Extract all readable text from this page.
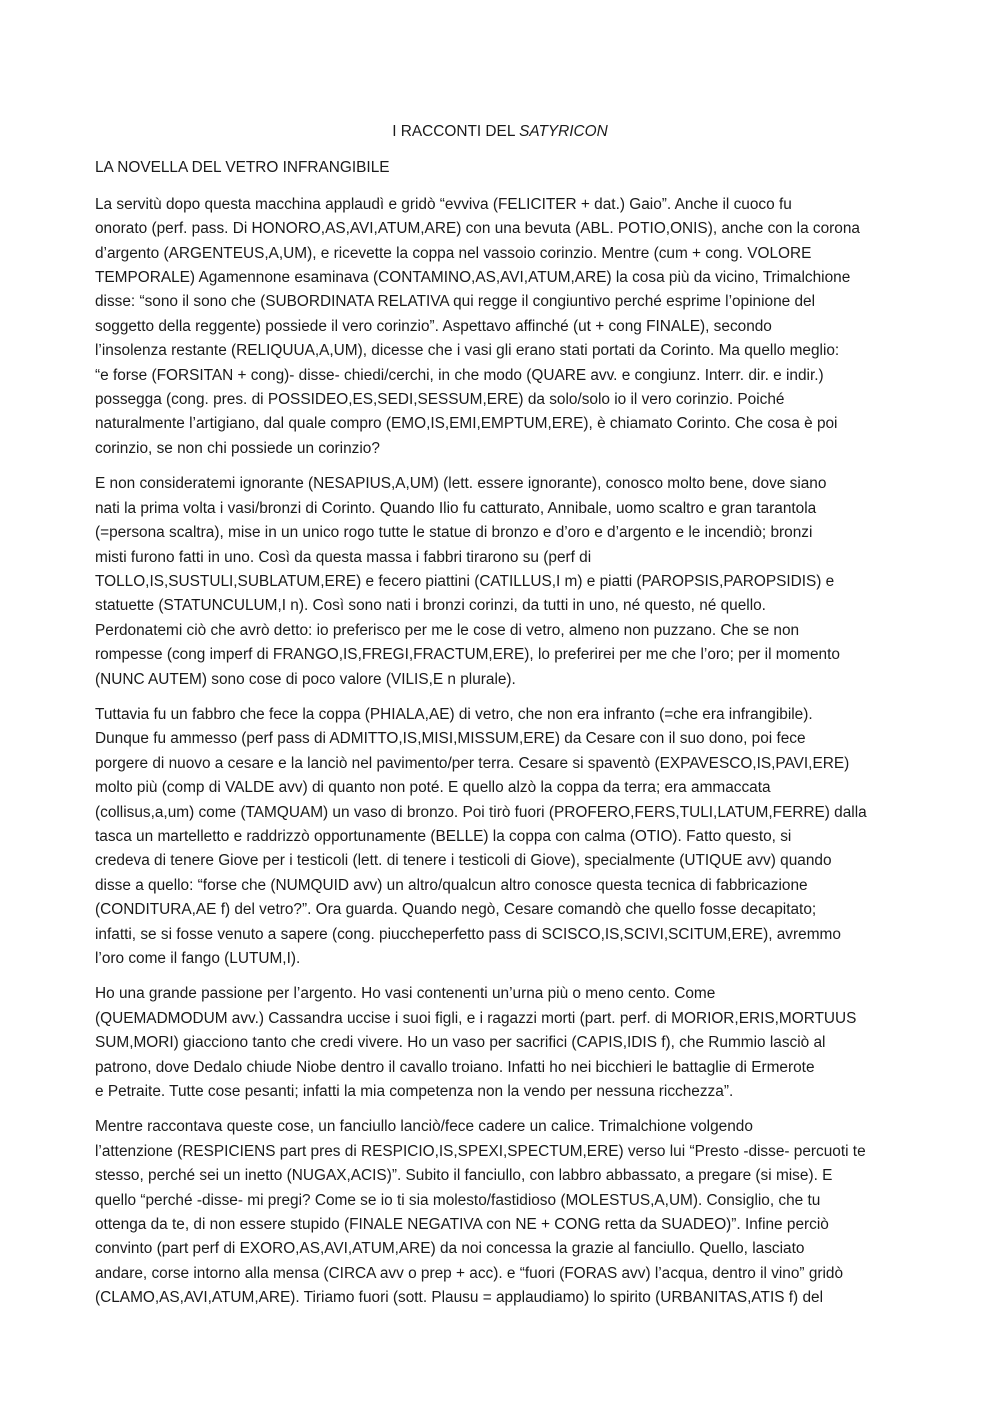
I RACCONTI DEL SATYRICON
LA NOVELLA DEL VETRO INFRANGIBILE

La servitù dopo questa macchina applaudì e gridò “evviva (FELICITER + dat.) Gaio”. Anche il cuoco fu
onorato (perf. pass. Di HONORO,AS,AVI,ATUM,ARE) con una bevuta (ABL. POTIO,ONIS), anche con la corona
d’argento (ARGENTEUS,A,UM), e ricevette la coppa nel vassoio corinzio. Mentre (cum + cong. VOLORE
TEMPORALE) Agamennone esaminava (CONTAMINO,AS,AVI,ATUM,ARE) la cosa più da vicino, Trimalchione
disse: “sono il sono che (SUBORDINATA RELATIVA qui regge il congiuntivo perché esprime l’opinione del
soggetto della reggente) possiede il vero corinzio”. Aspettavo affinché (ut + cong FINALE), secondo
l’insolenza restante (RELIQUUA,A,UM), dicesse che i vasi gli erano stati portati da Corinto. Ma quello meglio:
“e forse (FORSITAN + cong)- disse- chiedi/cerchi, in che modo (QUARE avv. e congiunz. Interr. dir. e indir.)
possegga (cong. pres. di POSSIDEO,ES,SEDI,SESSUM,ERE) da solo/solo io il vero corinzio. Poiché
naturalmente l’artigiano, dal quale compro (EMO,IS,EMI,EMPTUM,ERE), è chiamato Corinto. Che cosa è poi
corinzio, se non chi possiede un corinzio?

E non consideratemi ignorante (NESAPIUS,A,UM) (lett. essere ignorante), conosco molto bene, dove siano
nati la prima volta i vasi/bronzi di Corinto. Quando Ilio fu catturato, Annibale, uomo scaltro e gran tarantola
(=persona scaltra), mise in un unico rogo tutte le statue di bronzo e d’oro e d’argento e le incendiò; bronzi
misti furono fatti in uno. Così da questa massa i fabbri tirarono su (perf di
TOLLO,IS,SUSTULI,SUBLATUM,ERE) e fecero piattini (CATILLUS,I m) e piatti (PAROPSIS,PAROPSIDIS) e
statuette (STATUNCULUM,I n). Così sono nati i bronzi corinzi, da tutti in uno, né questo, né quello.
Perdonatemi ciò che avrò detto: io preferisco per me le cose di vetro, almeno non puzzano. Che se non
rompesse (cong imperf di FRANGO,IS,FREGI,FRACTUM,ERE), lo preferirei per me che l’oro; per il momento
(NUNC AUTEM) sono cose di poco valore (VILIS,E n plurale).

Tuttavia fu un fabbro che fece la coppa (PHIALA,AE) di vetro, che non era infranto (=che era infrangibile).
Dunque fu ammesso (perf pass di ADMITTO,IS,MISI,MISSUM,ERE) da Cesare con il suo dono, poi fece
porgere di nuovo a cesare e la lanciò nel pavimento/per terra. Cesare si spaventò (EXPAVESCO,IS,PAVI,ERE)
molto più (comp di VALDE avv) di quanto non poté. E quello alzò la coppa da terra; era ammaccata
(collisus,a,um) come (TAMQUAM) un vaso di bronzo. Poi tirò fuori (PROFERO,FERS,TULI,LATUM,FERRE) dalla
tasca un martelletto e raddrizzò opportunamente (BELLE) la coppa con calma (OTIO). Fatto questo, si
credeva di tenere Giove per i testicoli (lett. di tenere i testicoli di Giove), specialmente (UTIQUE avv) quando
disse a quello: “forse che (NUMQUID avv) un altro/qualcun altro conosce questa tecnica di fabbricazione
(CONDITURA,AE f) del vetro?”. Ora guarda. Quando negò, Cesare comandò che quello fosse decapitato;
infatti, se si fosse venuto a sapere (cong. piuccheperfetto pass di SCISCO,IS,SCIVI,SCITUM,ERE), avremmo
l’oro come il fango (LUTUM,I).

Ho una grande passione per l’argento. Ho vasi contenenti un’urna più o meno cento. Come
(QUEMADMODUM avv.) Cassandra uccise i suoi figli, e i ragazzi morti (part. perf. di MORIOR,ERIS,MORTUUS
SUM,MORI) giacciono tanto che credi vivere. Ho un vaso per sacrifici (CAPIS,IDIS f), che Rummio lasciò al
patrono, dove Dedalo chiude Niobe dentro il cavallo troiano. Infatti ho nei bicchieri le battaglie di Ermerote
e Petraite. Tutte cose pesanti; infatti la mia competenza non la vendo per nessuna ricchezza”.

Mentre raccontava queste cose, un fanciullo lanciò/fece cadere un calice. Trimalchione volgendo
l’attenzione (RESPICIENS part pres di RESPICIO,IS,SPEXI,SPECTUM,ERE) verso lui “Presto -disse- percuoti te
stesso, perché sei un inetto (NUGAX,ACIS)”. Subito il fanciullo, con labbro abbassato, a pregare (si mise). E
quello “perché -disse- mi pregi? Come se io ti sia molesto/fastidioso (MOLESTUS,A,UM). Consiglio, che tu
ottenga da te, di non essere stupido (FINALE NEGATIVA con NE + CONG retta da SUADEO)”. Infine perciò
convinto (part perf di EXORO,AS,AVI,ATUM,ARE) da noi concessa la grazie al fanciullo. Quello, lasciato
andare, corse intorno alla mensa (CIRCA avv o prep + acc). e “fuori (FORAS avv) l’acqua, dentro il vino” gridò
(CLAMO,AS,AVI,ATUM,ARE). Tiriamo fuori (sott. Plausu = applaudiamo) lo spirito (URBANITAS,ATIS f) del
